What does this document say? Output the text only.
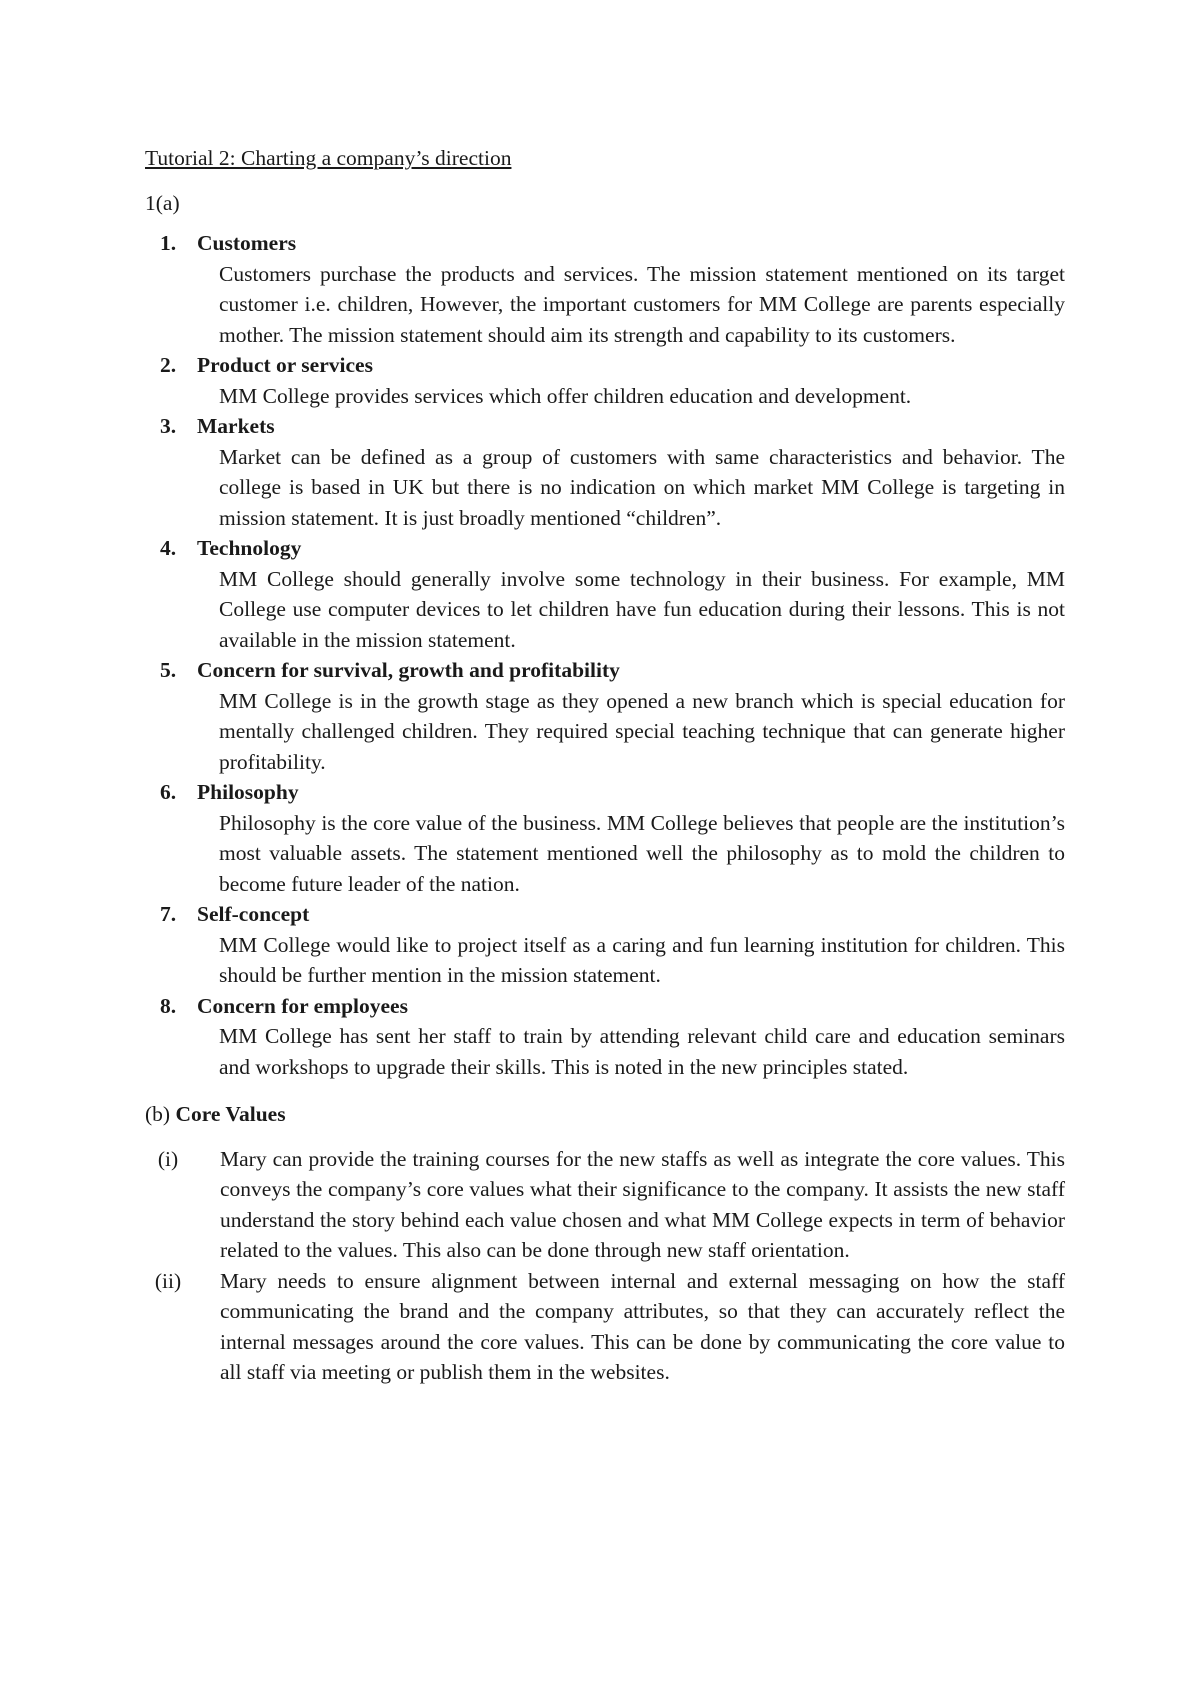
Tutorial 2: Charting a company’s direction
1(a)
1. Customers
Customers purchase the products and services. The mission statement mentioned on its target customer i.e. children, However, the important customers for MM College are parents especially mother. The mission statement should aim its strength and capability to its customers.
2. Product or services
MM College provides services which offer children education and development.
3. Markets
Market can be defined as a group of customers with same characteristics and behavior. The college is based in UK but there is no indication on which market MM College is targeting in mission statement. It is just broadly mentioned “children”.
4. Technology
MM College should generally involve some technology in their business. For example, MM College use computer devices to let children have fun education during their lessons. This is not available in the mission statement.
5. Concern for survival, growth and profitability
MM College is in the growth stage as they opened a new branch which is special education for mentally challenged children. They required special teaching technique that can generate higher profitability.
6. Philosophy
Philosophy is the core value of the business. MM College believes that people are the institution’s most valuable assets. The statement mentioned well the philosophy as to mold the children to become future leader of the nation.
7. Self-concept
MM College would like to project itself as a caring and fun learning institution for children. This should be further mention in the mission statement.
8. Concern for employees
MM College has sent her staff to train by attending relevant child care and education seminars and workshops to upgrade their skills. This is noted in the new principles stated.
(b) Core Values
(i)	Mary can provide the training courses for the new staffs as well as integrate the core values. This conveys the company’s core values what their significance to the company. It assists the new staff understand the story behind each value chosen and what MM College expects in term of behavior related to the values. This also can be done through new staff orientation.
(ii)	Mary needs to ensure alignment between internal and external messaging on how the staff communicating the brand and the company attributes, so that they can accurately reflect the internal messages around the core values. This can be done by communicating the core value to all staff via meeting or publish them in the websites.
